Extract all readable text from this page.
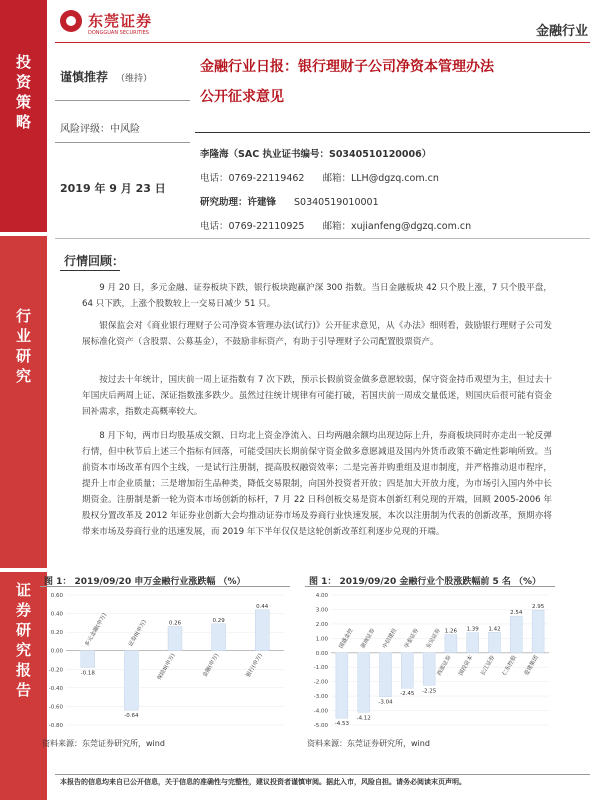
投
资
策
略
行
业
研
究
证
券
研
究
报
告
东莞证券
DONGGUAN SECURITIES	金融行业
谨慎推荐 （维持）
风险评级：中风险
2019 年 9 月 23 日
金融行业日报：银行理财子公司净资本管理办法
公开征求意见
李隆海（SAC 执业证书编号：S0340510120006）
电话：0769-22119462 邮箱：LLH@dgzq.com.cn
研究助理：许建锋 S0340519010001
电话：0769-22110925 邮箱：xujianfeng@dgzq.com.cn
行情回顾：

9 月 20 日，多元金融、证券板块下跌，银行板块跑赢沪深 300 指数。当日金融板块 42 只个股上涨，7 只个股平盘，64 只下跌，上涨个股数较上一交易日减少 51 只。

银保监会对《商业银行理财子公司净资本管理办法(试行)》公开征求意见，从《办法》细则看，鼓励银行理财子公司发展标准化资产（含股票、公募基金），不鼓励非标资产，有助于引导理财子公司配置股票资产。

按过去十年统计，国庆前一周上证指数有 7 次下跌，预示长假前资金做多意愿较弱，保守资金持币观望为主，但过去十年国庆后两周上证、深证指数涨多跌少。虽然过往统计规律有可能打破，若国庆前一周成交量低迷，则国庆后很可能有资金回补需求，指数走高概率较大。

8 月下旬，两市日均股基成交额、日均北上资金净流入、日均两融余额均出现边际上升，券商板块同时亦走出一轮反弹行情，但中秋节后上述三个指标有回落，可能受国庆长期前保守资金做多意愿减退及国内外货币政策不确定性影响所致。当前资本市场改革有四个主线，一是试行注册制，提高股权融资效率；二是完善并购重组及退市制度，并严格推动退市程序，提升上市企业质量；三是增加衍生品种类，降低交易限制，向国外投资者开放；四是加大开放力度，为市场引入国内外中长期资金。注册制是新一轮为资本市场创新的标杆，7 月 22 日科创板交易是资本创新红利兑现的开端，回顾 2005-2006 年股权分置改革及 2012 年证券业创新大会均推动证券市场及券商行业快速发展，本次以注册制为代表的创新改革，预期亦将带来市场及券商行业的迅速发展，而 2019 年下半年仅仅是这轮创新改革红利逐步兑现的开端。

图 1： 2019/09/20 申万金融行业涨跌幅 （%）
0.60
0.40
0.20
0.00
-0.20
-0.40
-0.60
-0.80
-0.18
多元金融(申万)
-0.64
证券II(申万)	0.26
保险II(申万)
0.29
金融(申万)
0.44
银行(申万)
资料来源：东莞证券研究所，wind
图 1： 2019/09/20 金融行业个股涨跌幅前 5 名 （%）
4.00
3.00
2.00
1.00
0.00
-1.00
-2.00
-3.00
-4.00
-5.00 -4.53
国盛金控
-4.12
浙商证券
-3.04
中信建投
-2.45
华泰证券
-2.25
东吴证券 1.26
西部证券
1.39
国投资本
1.42
长江证券
2.54
仁东控股
2.95
爱建集团
资料来源：东莞证券研究所，wind
本报告的信息均来自已公开信息，关于信息的准确性与完整性，建议投资者谨慎审阅。据此入市，风险自担。请务必阅读末页声明。
